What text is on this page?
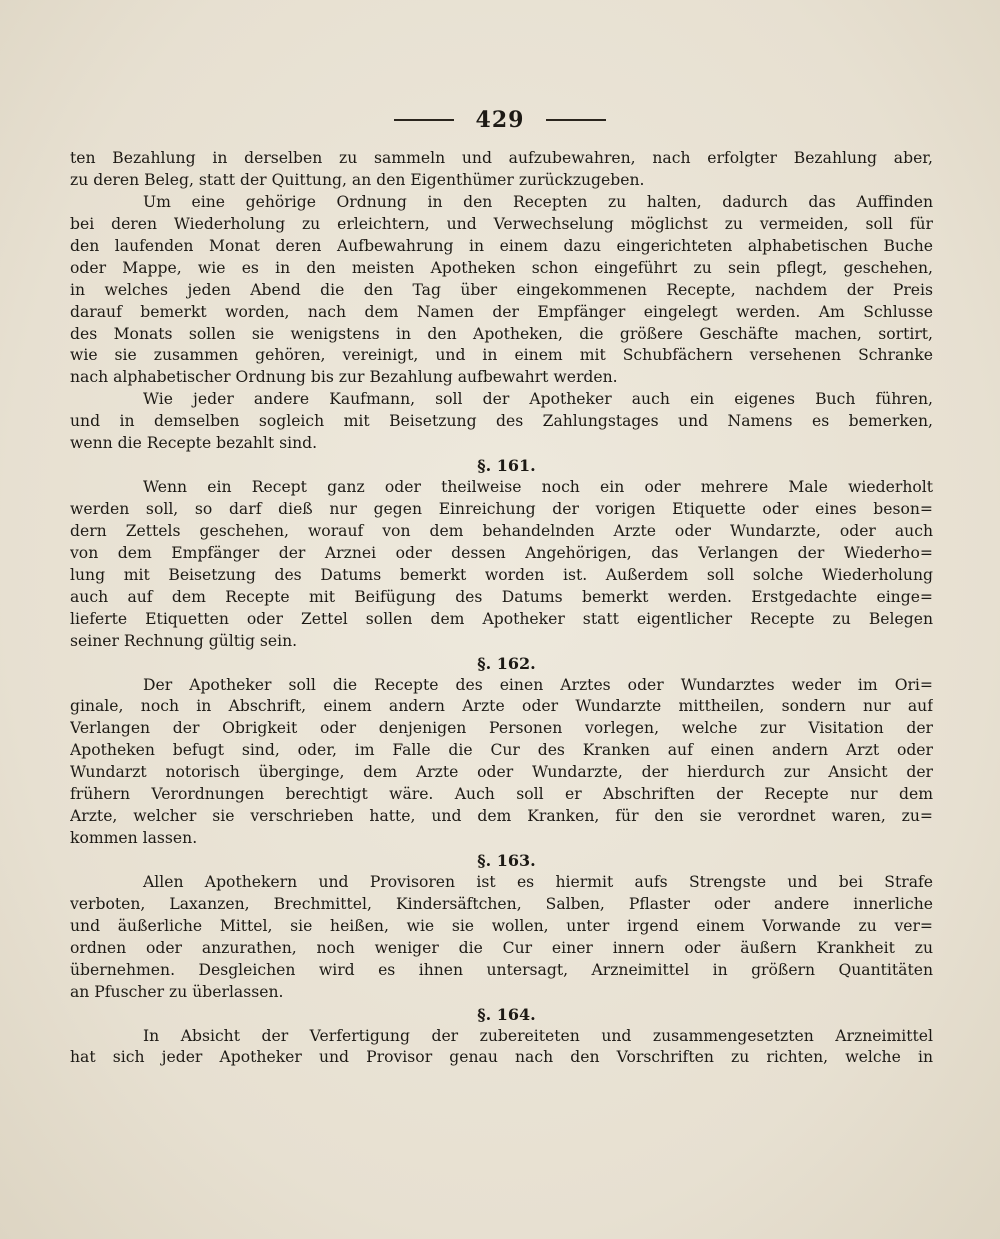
429
ten Bezahlung in derselben zu sammeln und aufzubewahren, nach erfolgter Bezahlung aber,
zu deren Beleg, statt der Quittung, an den Eigenthümer zurückzugeben.
Um eine gehörige Ordnung in den Recepten zu halten, dadurch das Auffinden
bei deren Wiederholung zu erleichtern, und Verwechselung möglichst zu vermeiden, soll für
den laufenden Monat deren Aufbewahrung in einem dazu eingerichteten alphabetischen Buche
oder Mappe, wie es in den meisten Apotheken schon eingeführt zu sein pflegt, geschehen,
in welches jeden Abend die den Tag über eingekommenen Recepte, nachdem der Preis
darauf bemerkt worden, nach dem Namen der Empfänger eingelegt werden. Am Schlusse
des Monats sollen sie wenigstens in den Apotheken, die größere Geschäfte machen, sortirt,
wie sie zusammen gehören, vereinigt, und in einem mit Schubfächern versehenen Schranke
nach alphabetischer Ordnung bis zur Bezahlung aufbewahrt werden.
Wie jeder andere Kaufmann, soll der Apotheker auch ein eigenes Buch führen,
und in demselben sogleich mit Beisetzung des Zahlungstages und Namens es bemerken,
wenn die Recepte bezahlt sind.
§. 161.
Wenn ein Recept ganz oder theilweise noch ein oder mehrere Male wiederholt
werden soll, so darf dieß nur gegen Einreichung der vorigen Etiquette oder eines beson=
dern Zettels geschehen, worauf von dem behandelnden Arzte oder Wundarzte, oder auch
von dem Empfänger der Arznei oder dessen Angehörigen, das Verlangen der Wiederho=
lung mit Beisetzung des Datums bemerkt worden ist. Außerdem soll solche Wiederholung
auch auf dem Recepte mit Beifügung des Datums bemerkt werden. Erstgedachte einge=
lieferte Etiquetten oder Zettel sollen dem Apotheker statt eigentlicher Recepte zu Belegen
seiner Rechnung gültig sein.
§. 162.
Der Apotheker soll die Recepte des einen Arztes oder Wundarztes weder im Ori=
ginale, noch in Abschrift, einem andern Arzte oder Wundarzte mittheilen, sondern nur auf
Verlangen der Obrigkeit oder denjenigen Personen vorlegen, welche zur Visitation der
Apotheken befugt sind, oder, im Falle die Cur des Kranken auf einen andern Arzt oder
Wundarzt notorisch überginge, dem Arzte oder Wundarzte, der hierdurch zur Ansicht der
frühern Verordnungen berechtigt wäre. Auch soll er Abschriften der Recepte nur dem
Arzte, welcher sie verschrieben hatte, und dem Kranken, für den sie verordnet waren, zu=
kommen lassen.
§. 163.
Allen Apothekern und Provisoren ist es hiermit aufs Strengste und bei Strafe
verboten, Laxanzen, Brechmittel, Kindersäftchen, Salben, Pflaster oder andere innerliche
und äußerliche Mittel, sie heißen, wie sie wollen, unter irgend einem Vorwande zu ver=
ordnen oder anzurathen, noch weniger die Cur einer innern oder äußern Krankheit zu
übernehmen. Desgleichen wird es ihnen untersagt, Arzneimittel in größern Quantitäten
an Pfuscher zu überlassen.
§. 164.
In Absicht der Verfertigung der zubereiteten und zusammengesetzten Arzneimittel
hat sich jeder Apotheker und Provisor genau nach den Vorschriften zu richten, welche in
